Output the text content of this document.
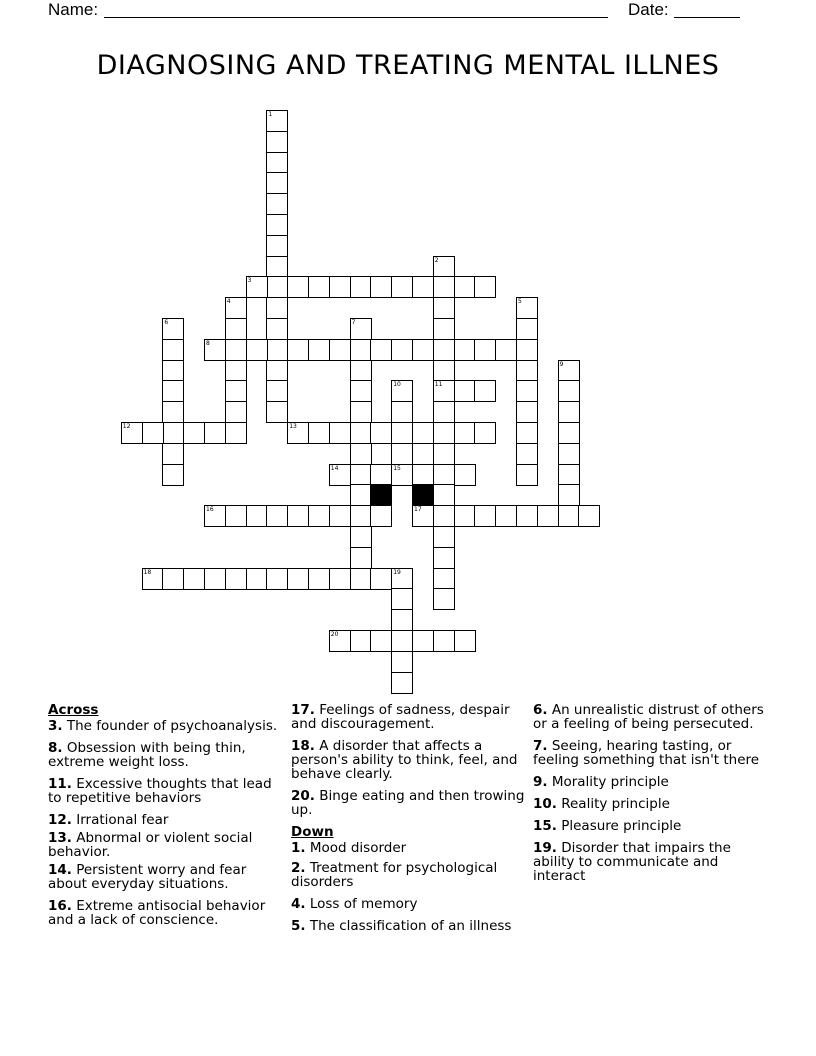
Name:	Date:
DIAGNOSING AND TREATING MENTAL ILLNES
1
2
11
3
4	5
6	7
8
9
10
12	13
14	15
16	17
18	19
20
Across
3. The founder of psychoanalysis.
8. Obsession with being thin, extreme weight loss.
11. Excessive thoughts that lead to repetitive behaviors
12. Irrational fear
13. Abnormal or violent social behavior.
14. Persistent worry and fear about everyday situations.
16. Extreme antisocial behavior and a lack of conscience.
17. Feelings of sadness, despair and discouragement.
18. A disorder that affects a person's ability to think, feel, and behave clearly.
20. Binge eating and then trowing up.
Down
1. Mood disorder
2. Treatment for psychological disorders
4. Loss of memory
5. The classification of an illness
6. An unrealistic distrust of others or a feeling of being persecuted.
7. Seeing, hearing tasting, or feeling something that isn't there
9. Morality principle
10. Reality principle
15. Pleasure principle
19. Disorder that impairs the ability to communicate and interact
